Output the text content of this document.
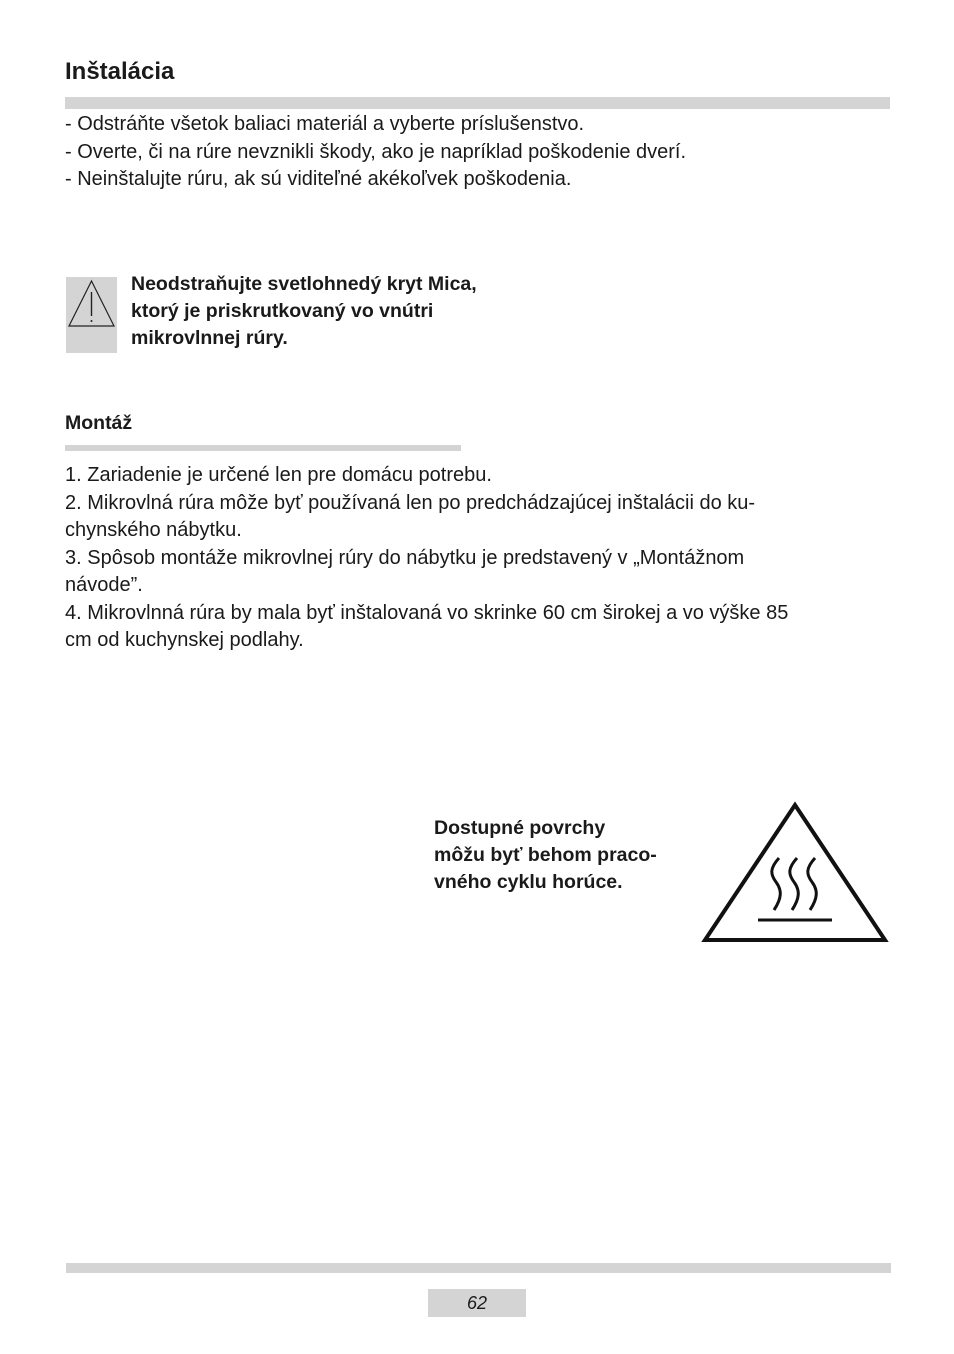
Inštalácia
- Odstráňte všetok baliaci materiál a vyberte príslušenstvo.
- Overte, či na rúre nevznikli škody, ako je napríklad poškodenie dverí.
- Neinštalujte rúru, ak sú viditeľné akékoľvek poškodenia.
Neodstraňujte svetlohnedý kryt Mica,
ktorý je priskrutkovaný vo vnútri
mikrovlnnej rúry.
Montáž
1. Zariadenie je určené len pre domácu potrebu.
2. Mikrovlná rúra môže byť používaná len po predchádzajúcej inštalácii do ku-
chynského nábytku.
3. Spôsob montáže mikrovlnej rúry do nábytku je predstavený v „Montážnom
návode”.
4. Mikrovlnná rúra by mala byť inštalovaná vo skrinke 60 cm širokej a vo výške 85
cm od kuchynskej podlahy.
Dostupné povrchy
môžu byť behom praco-
vného cyklu horúce.
62
